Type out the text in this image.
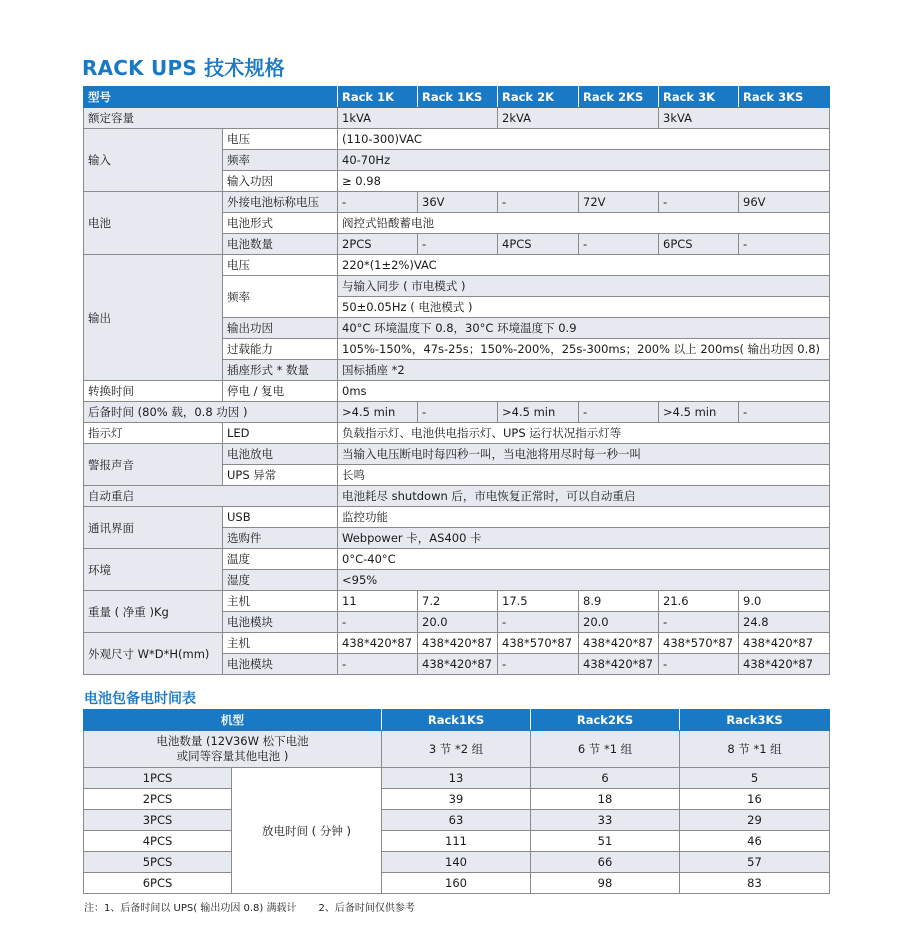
RACK UPS 技术规格
型号		Rack 1K	Rack 1KS	Rack 2K	Rack 2KS	Rack 3K	Rack 3KS
额定容量		1kVA		2kVA		3kVA	
输入	电压	(110-300)VAC					
	频率	40-70Hz					
	输入功因	≥ 0.98					
电池	外接电池标称电压	-	36V	-	72V	-	96V
	电池形式	阀控式铅酸蓄电池					
	电池数量	2PCS	-	4PCS	-	6PCS	-
输出	电压	220*(1±2%)VAC					
	频率	与输入同步 ( 市电模式 )					
		50±0.05Hz ( 电池模式 )					
	输出功因	40°C 环境温度下 0.8，30°C 环境温度下 0.9					
	过载能力	105%-150%，47s-25s；150%-200%，25s-300ms；200% 以上 200ms( 输出功因 0.8)					
	插座形式 * 数量	国标插座 *2					
转换时间	停电 / 复电	0ms					
后备时间 (80% 载，0.8 功因 )		>4.5 min	-	>4.5 min	-	>4.5 min	-
指示灯	LED	负载指示灯、电池供电指示灯、UPS 运行状况指示灯等					
警报声音	电池放电	当输入电压断电时每四秒一叫，当电池将用尽时每一秒一叫					
	UPS 异常	长鸣					
自动重启		电池耗尽 shutdown 后，市电恢复正常时，可以自动重启					
通讯界面	USB	监控功能					
	选购件	Webpower 卡，AS400 卡					
环境	温度	0°C-40°C					
	湿度	<95%					
重量 ( 净重 )Kg	主机	11	7.2	17.5	8.9	21.6	9.0
	电池模块	-	20.0	-	20.0	-	24.8
外观尺寸 W*D*H(mm)	主机	438*420*87	438*420*87	438*570*87	438*420*87	438*570*87	438*420*87
	电池模块	-	438*420*87	-	438*420*87	-	438*420*87
电池包备电时间表
机型		Rack1KS	Rack2KS	Rack3KS
电池数量 (12V36W 松下电池
或同等容量其他电池 )		3 节 *2 组	6 节 *1 组	8 节 *1 组
1PCS	放电时间 ( 分钟 )	13	6	5
2PCS		39	18	16
3PCS		63	33	29
4PCS		111	51	46
5PCS		140	66	57
6PCS		160	98	83

注：1、后备时间以 UPS( 输出功因 0.8) 满载计 2、后备时间仅供参考
